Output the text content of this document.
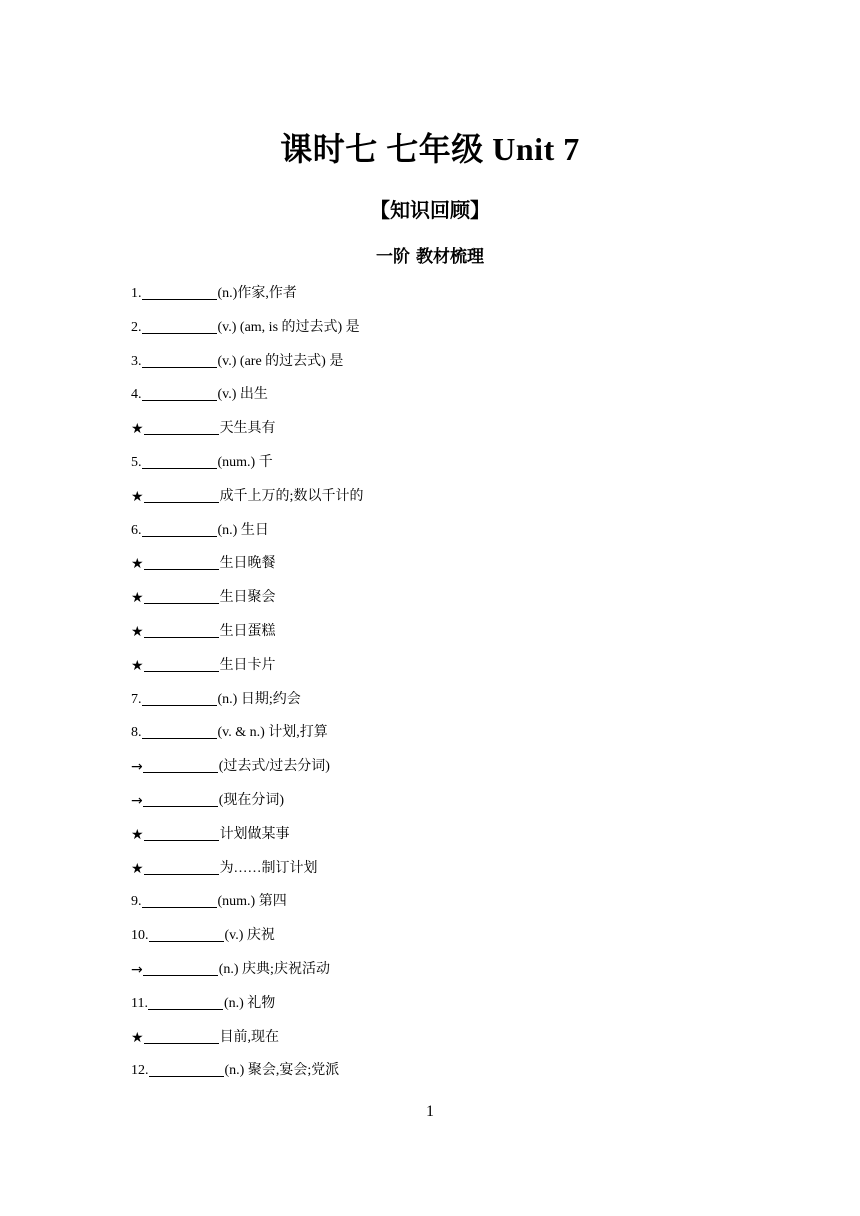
课时七 七年级 Unit 7
【知识回顾】
一阶 教材梳理
1.	(n.)作家,作者
2.	(v.) (am, is 的过去式) 是
3.	(v.) (are 的过去式) 是
4.	(v.) 出生
★	天生具有
5.	(num.) 千
★	成千上万的;数以千计的
6.	(n.) 生日
★	生日晚餐
★	生日聚会
★	生日蛋糕
★	生日卡片
7.	(n.) 日期;约会
8.	(v. & n.) 计划,打算
→	(过去式/过去分词)
→	(现在分词)
★	计划做某事
★	为……制订计划
9.	(num.) 第四
10.	(v.) 庆祝
→	(n.) 庆典;庆祝活动
11.	(n.) 礼物
★	目前,现在
12.	(n.) 聚会,宴会;党派
1
